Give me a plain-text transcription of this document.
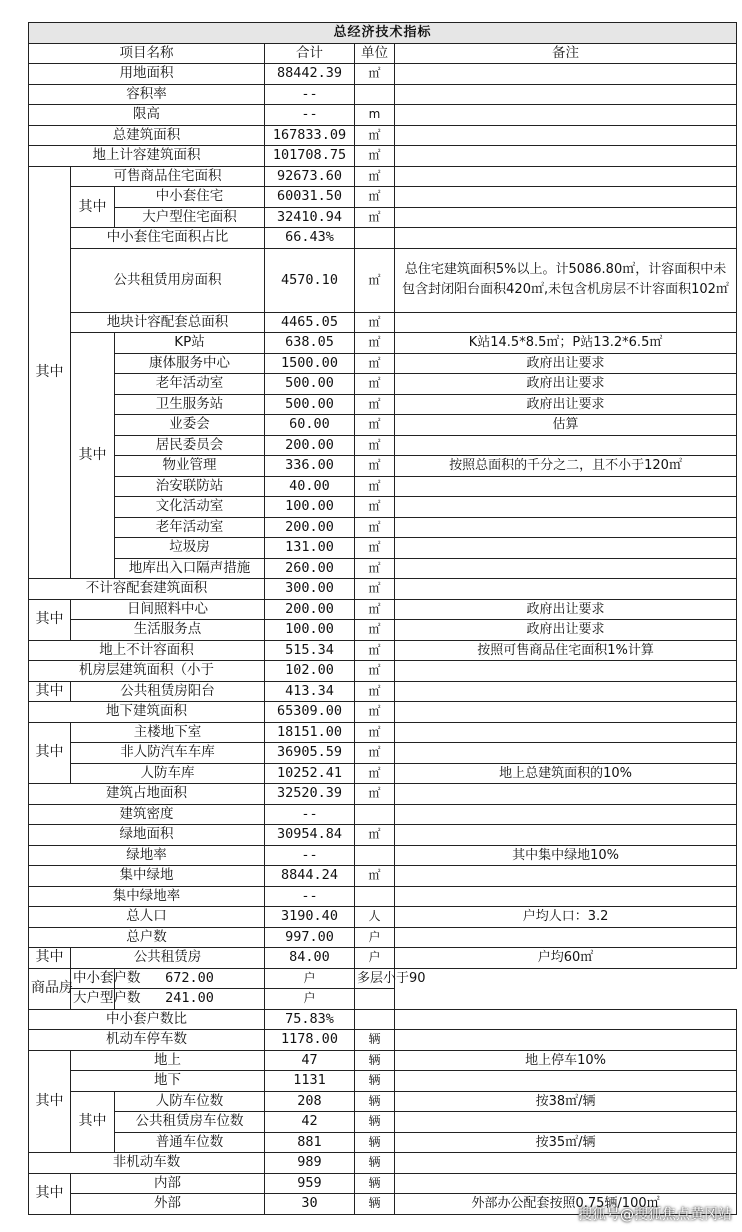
总经济技术指标					
项目名称			合计	单位	备注
用地面积			88442.39	㎡	
容积率			--		
限高			--	m	
总建筑面积			167833.09	㎡	
地上计容建筑面积			101708.75	㎡	
其中	可售商品住宅面积		92673.60	㎡	
	其中	中小套住宅	60031.50	㎡	
		大户型住宅面积	32410.94	㎡	
	中小套住宅面积占比		66.43%		
	公共租赁用房面积		4570.10	㎡	总住宅建筑面积5%以上。计5086.80㎡，计容面积中未包含封闭阳台面积420㎡,未包含机房层不计容面积102㎡
	地块计容配套总面积		4465.05	㎡	
	其中	KP站	638.05	㎡	K站14.5*8.5㎡；P站13.2*6.5㎡
		康体服务中心	1500.00	㎡	政府出让要求
		老年活动室	500.00	㎡	政府出让要求
		卫生服务站	500.00	㎡	政府出让要求
		业委会	60.00	㎡	估算
		居民委员会	200.00	㎡	
		物业管理	336.00	㎡	按照总面积的千分之二，且不小于120㎡
		治安联防站	40.00	㎡	
		文化活动室	100.00	㎡	
		老年活动室	200.00	㎡	
		垃圾房	131.00	㎡	
		地库出入口隔声措施	260.00	㎡	
不计容配套建筑面积			300.00	㎡	
其中	日间照料中心		200.00	㎡	政府出让要求
	生活服务点		100.00	㎡	政府出让要求
地上不计容面积			515.34	㎡	按照可售商品住宅面积1%计算
机房层建筑面积（小于			102.00	㎡	
其中	公共租赁房阳台		413.34	㎡	
地下建筑面积			65309.00	㎡	
其中	主楼地下室		18151.00	㎡	
	非人防汽车车库		36905.59	㎡	
	人防车库		10252.41	㎡	地上总建筑面积的10%
建筑占地面积			32520.39	㎡	
建筑密度			--		
绿地面积			30954.84	㎡	
绿地率			--		其中集中绿地10%
集中绿地			8844.24	㎡	
集中绿地率			--		
总人口			3190.40	人	户均人口：3.2
总户数			997.00	户	
其中	公共租赁房		84.00	户	户均60㎡
商品房	中小套户数	672.00	户	多层小于90	
	大户型户数	241.00	户		
中小套户数比			75.83%		
机动车停车数			1178.00	辆	
其中	地上		47	辆	地上停车10%
	地下		1131	辆	
	其中	人防车位数	208	辆	按38㎡/辆
		公共租赁房车位数	42	辆	
		普通车位数	881	辆	按35㎡/辆
非机动车数			989	辆	
其中	内部		959	辆	
	外部		30	辆	外部办公配套按照0.75辆/100㎡
搜狐号@搜狐焦点黄冈站
